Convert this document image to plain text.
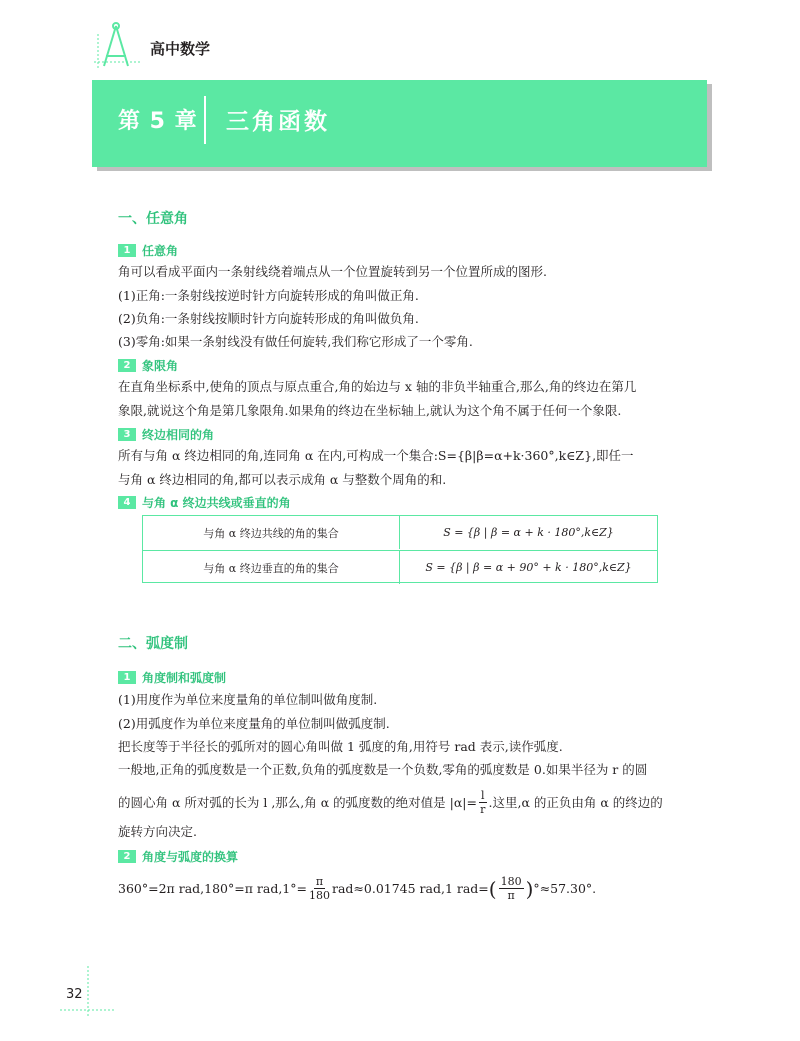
高中数学
第 5 章 三角函数
一、任意角
1 任意角
角可以看成平面内一条射线绕着端点从一个位置旋转到另一个位置所成的图形.
(1)正角:一条射线按逆时针方向旋转形成的角叫做正角.
(2)负角:一条射线按顺时针方向旋转形成的角叫做负角.
(3)零角:如果一条射线没有做任何旋转,我们称它形成了一个零角.
2 象限角
在直角坐标系中,使角的顶点与原点重合,角的始边与 x 轴的非负半轴重合,那么,角的终边在第几
象限,就说这个角是第几象限角.如果角的终边在坐标轴上,就认为这个角不属于任何一个象限.
3 终边相同的角
所有与角 α 终边相同的角,连同角 α 在内,可构成一个集合:S={β|β=α+k·360°,k∈Z},即任一
与角 α 终边相同的角,都可以表示成角 α 与整数个周角的和.
4 与角 α 终边共线或垂直的角
与角 α 终边共线的角的集合	S = {β | β = α + k · 180°,k∈Z}
与角 α 终边垂直的角的集合	S = {β | β = α + 90° + k · 180°,k∈Z}
二、弧度制
1 角度制和弧度制
(1)用度作为单位来度量角的单位制叫做角度制.
(2)用弧度作为单位来度量角的单位制叫做弧度制.
把长度等于半径长的弧所对的圆心角叫做 1 弧度的角,用符号 rad 表示,读作弧度.
一般地,正角的弧度数是一个正数,负角的弧度数是一个负数,零角的弧度数是 0.如果半径为 r 的圆
的圆心角 α 所对弧的长为 l ,那么,角 α 的弧度数的绝对值是 $|\alpha|= \frac{l}{r}$ .这里,α 的正负由角 α 的终边的
旋转方向决定.
2 角度与弧度的换算
360°=2π rad,180°=π $rad,1^\circ= \frac{\pi}{180} rad\approx 0.01745$ rad,1 rad= ( $\frac{180}{\pi}$ ) °≈57.30°.
32
